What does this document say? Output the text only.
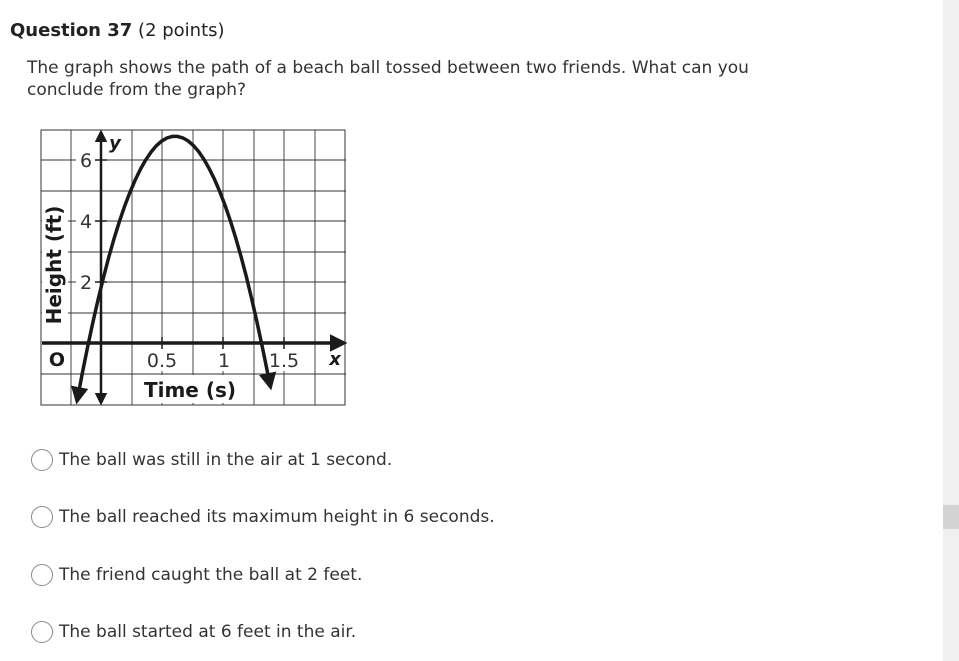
Question 37 (2 points)
The graph shows the path of a beach ball tossed between two friends. What can you conclude from the graph?
6
4
2
0.5 1 1.5 x
y
O
Time (s)
Height (ft)
The ball was still in the air at 1 second.
The ball reached its maximum height in 6 seconds.
The friend caught the ball at 2 feet.
The ball started at 6 feet in the air.
